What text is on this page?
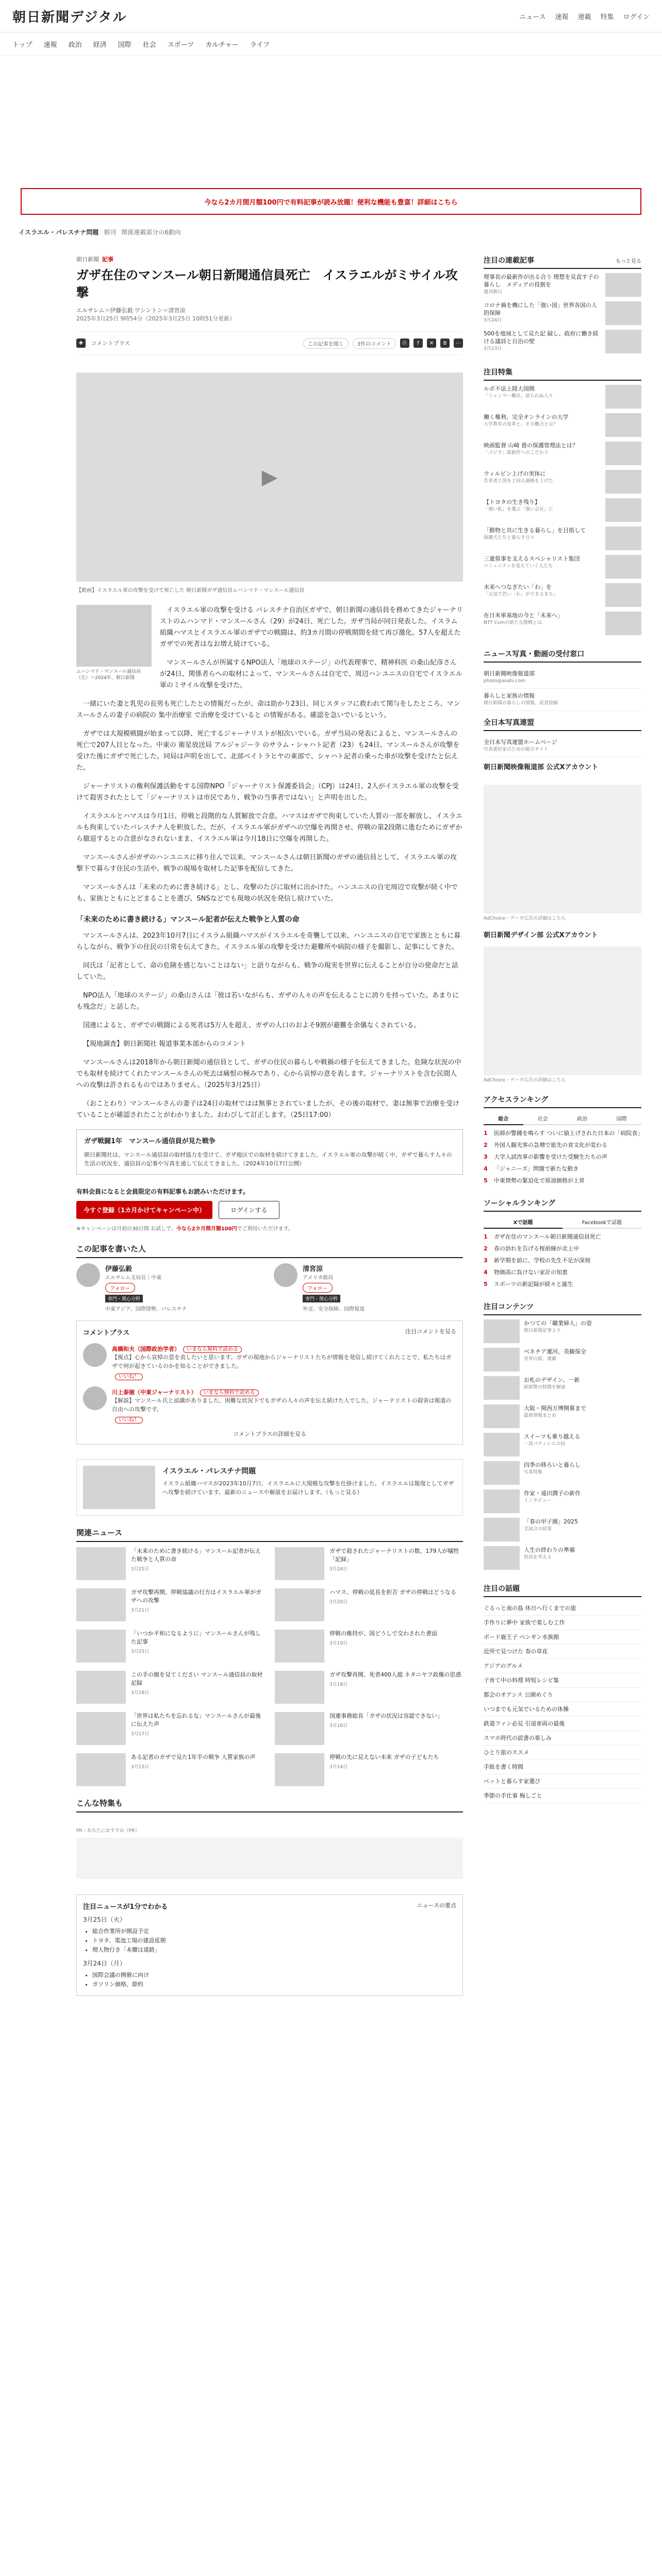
朝日新聞デジタル	ニュース 速報 連載 特集 ログイン
トップ 速報 政治 経済 国際 社会 スポーツ カルチャー ライフ
今なら2カ月間月額100円で有料記事が読み放題！便利な機能も豊富！詳細はこちら
イスラエル・パレスチナ問題 朝刊 関係連載部分の6動向
朝日新聞 記事
ガザ在住のマンスール朝日新聞通信員死亡　イスラエルがミサイル攻撃
エルサレム＝伊藤弘毅 ワシントン＝清宮涼
2025年3月25日 9時54分（2025年3月25日 10時51分更新）
✚	コメントプラス	この記事を聞く	3件のコメント	⎘	f	✕	B	⋯
▶
【動画】イスラエル軍の攻撃を受けて死亡した 朝日新聞ガザ通信員ムハンマド・マンスール通信員
ムハンマド・マンスール通信員（左）＝2024年、朝日新聞

イスラエル軍の攻撃を受ける パレスチナ自治区ガザで、朝日新聞の通信員を務めてきたジャーナリストのムハンマド・マンスールさん（29）が24日、死亡した。ガザ当局が同日発表した。イスラム組織ハマスとイスラエル軍のガザでの戦闘は、約3カ月間の停戦期間を経て再び激化。57人を超えたガザでの死者はなお増え続けている。

マンスールさんが所属するNPO法人「地球のステージ」の代表理事で、精神科医 の桑山紀彦さんが24日、関係者らへの取材によって、マンスールさんは自宅で、周辺ハンユニスの自宅でイスラエル軍のミサイル攻撃を受けた。

一緒にいた妻と乳児の長男も死亡したとの情報だったが、命は助かり23日、同じスタッフに救われて関与をしたところ、マンスールさんの妻子の病院の 集中治療室 で治療を受けていると の情報がある。確認を急いでいるという。

ガザでは大規模戦闘が始まって以降、死亡するジャーナリストが相次いでいる。ガザ当局の発表によると、マンスールさんの死亡で207人目となった。中東の 衛星放送局 アルジャジーラ のサラム・シャハト記者（23）も24日、マンスールさんが攻撃を受けた後にガザで死亡した。同局は声明を出して、北部ベイトラヒヤの東部で、シャハト記者の乗った車が攻撃を受けたと伝えた。

ジャーナリストの権利保護活動をする国際NPO「ジャーナリスト保護委員会」（CPJ）は24日、2人がイスラエル軍の攻撃を受けて殺害されたとして「ジャーナリストは市民であり、戦争の当事者ではない」と声明を出した。

イスラエルとハマスは今月1日、停戦と段階的な人質解放で合意。ハマスはガザで拘束していた人質の一部を解放し、イスラエルも拘束していたパレスチナ人を釈放した。だが、イスラエル軍がガザへの空爆を再開させ、停戦の第2段階に進むためにガザから撤退するとの合意がなされないまま、イスラエル軍は今月18日に空爆を再開した。

マンスールさんがガザのハンユニスに移り住んで以来、マンスールさんは朝日新聞のガザの通信員として、イスラエル軍の攻撃下で暮らす住民の生活や、戦争の現場を取材した記事を配信してきた。

マンスールさんは「未来のために書き続ける」とし、攻撃のたびに取材に出かけた。ハンユニスの自宅周辺で攻撃が続く中でも、家族とともにとどまることを選び、SNSなどでも現地の状況を発信し続けていた。

「未来のために書き続ける」マンスール記者が伝えた戦争と人質の命

マンスールさんは、2023年10月7日にイスラム組織ハマスがイスラエルを奇襲して以来、ハンユニスの自宅で家族とともに暮らしながら、戦争下の住民の日常を伝えてきた。イスラエル軍の攻撃を受けた避難所や病院の様子を撮影し、記事にしてきた。

同氏は「記者として、命の危険を感じないことはない」と語りながらも、戦争の現実を世界に伝えることが自分の使命だと話していた。

NPO法人「地球のステージ」の桑山さんは「彼は若いながらも、ガザの人々の声を伝えることに誇りを持っていた。あまりにも残念だ」と話した。

国連によると、ガザでの戦闘による死者は5万人を超え、ガザの人口のおよそ9割が避難を余儀なくされている。

【現地調査】朝日新聞社 報道事業本部からのコメント

マンスールさんは2018年から朝日新聞の通信員として、ガザの住民の暮らしや戦禍の様子を伝えてきました。危険な状況の中でも取材を続けてくれたマンスールさんの死去は痛恨の極みであり、心から哀悼の意を表します。ジャーナリストを含む民間人への攻撃は許されるものではありません。（2025年3月25日）

（おことわり）マンスールさんの妻子は24日の取材ではは無事とされていましたが、その後の取材で、妻は無事で治療を受けていることが確認されたことがわかりました。おわびして訂正します。（25日17:00）

ガザ戦闘1年　マンスール通信員が見た戦争
朝日新聞社は、マンスール通信員の取材協力を受けて、ガザ地区での取材を続けてきました。イスラエル軍の攻撃が続く中、ガザで暮らす人々の生活の状況を、通信員の記事や写真を通して伝えてきました。（2024年10月7日公開）
有料会員になると会員限定の有料記事もお読みいただけます。
今すぐ登録（1カ月かけてキャンペーン中）	ログインする
※キャンペーンは月初の30日間 お試しで、今なら2カ月間月額100円でご利用いただけます。
この記事を書いた人
伊藤弘毅
エルサレム支局長｜中東
フォロー
専門・関心分野
中東アジア、国際情勢、パレスチナ
清宮涼
アメリカ総局
フォロー
専門・関心分野
外交、安全保障、国際報道
コメントプラス	注目コメントを見る
高橋和夫（国際政治学者） いまなら無料で読める
【視点】心から哀悼の意を表したいと思います。ガザの現地からジャーナリストたちが情報を発信し続けてくれたことで、私たちはガザで何が起きているのかを知ることができました。
いいね！
川上泰徳（中東ジャーナリスト） いまなら無料で読める
【解説】マンスール氏と面識がありました。困難な状況下でもガザの人々の声を伝え続けた人でした。ジャーナリストの殺害は報道の自由への攻撃です。
いいね！
コメントプラスの詳細を見る
イスラエル・パレスチナ問題
イスラム組織ハマスが2023年10月7日、イスラエルに大規模な攻撃を仕掛けました。イスラエルは報復としてガザへ攻撃を続けています。最新のニュースや解説をお届けします。（もっと見る）
関連ニュース
「未来のために書き続ける」マンスール記者が伝えた戦争と人質の命
3月25日
ガザで殺されたジャーナリストの数、179人が犠牲「記録」
3月24日
ガザ攻撃再開、停戦協議の行方はイスラエル軍がガザへの攻撃
3月21日
ハマス、停戦の延長を拒否 ガザの停戦はどうなる
3月20日
「いつか平和になるように」マンスールさんが残した記事
3月25日
停戦の維持が、国どうしで交わされた書面
3月19日
この手の親を見てください マンスール通信員の取材記録
3月18日
ガザ攻撃再開、死者400人超 ネタニヤフ政権の思惑
3月18日
「世界は私たちを忘れるな」マンスールさんが最後に伝えた声
3月17日
国連事務総長「ガザの状況は容認できない」
3月16日
ある記者のガザで見た1年半の戦争 人質家族の声
3月15日
停戦の先に見えない未来 ガザの子どもたち
3月14日
こんな特集も
PR・あなたにおすすめ（PR）
注目ニュースが1分でわかる	ニュースの要点
3月25日（火）
• 総合作業所が開設予定
• トヨタ、電池工場の建設延期
• 理人物行き「本腰は道路」
3月24日（月）
• 国際会議の開催に向け
• ガソリン価格、節約
注目の連載記事	もっと見る
理事長の最新作が出る合う 理想を見直す子の暮らし　メディアの役割を
週刊朝日
コロナ禍を機にした「強い国」世界各国の人的保障
3月24日
500を地域として見た記 録し、政府に働き続ける議員と自治の壁
3月23日
注目特集
ルポ不法上陸大国側
「ミャンマー難民」語られぬ人々
働く権利、完全オンラインの大学
大学教育の変革と、その難点とは？
映画監督 山崎 貴の保護管理法とは？
「ゴジラ」最新作へのこだわり
ウィルビン上げの実体に
若者者と国を上回る価格を上げた
【トヨタの生き残り】
「強い私」を選ぶ「強い会社」に
「動物と共に生きる暮らし」を目指して
保護犬たちと暮らす日々
三重県事を支えるスペシャリスト集団
コミュニティを変えていく人たち
未来へつなぎたい「わ」を
「元気で若い「わ」ができるまち」
在日米軍基地の今と「未来へ」
NTT Comの新たな挑戦とは
ニュース写真・動画の受付窓口
朝日新聞映像報道部
photo@asahi.com
暮らしと家族の情報
朝日新聞の暮らしの情報、読者投稿
全日本写真連盟
全日本写真連盟ホームページ
写真愛好家のための総合サイト
朝日新聞映像報道部 公式Xアカウント
AdChoice・データ広告の詳細はこちら
朝日新聞デザイン部 公式Xアカウント
AdChoice・データ広告の詳細はこちら
アクセスランキング
総合	社会	政治	国際
1	医師が警鐘を鳴らす ついに値上げされた日本の「病院食」
2	外国人観光客の急増で旅先の食文化が変わる
3	大学入試改革の影響を受けた受験生たちの声
4	「ジャニーズ」問題で新たな動き
5	中東情勢の緊迫化で原油価格が上昇
ソーシャルランキング
Xで話題	Facebookで話題
1	ガザ在住のマンスール朝日新聞通信員死亡
2	春の訪れを告げる桜前線が北上中
3	新学期を前に、学校の先生不足が深刻
4	物価高に負けない家計の知恵
5	スポーツの新記録が続々と誕生
注目コンテンツ
かつての「職業婦人」の姿
朝日新聞記事より
ベネチア運河、美観保全
世界の旅、連載
お札のデザイン、一新
新紙幣の特徴を解説
大阪・関西万博開幕まで
最新情報まとめ
スイーツも乗り越える
一流パティシエの技
四季の移ろいと暮らし
写真特集
作家・遠田潤子の新作
インタビュー
「春の甲子園」2025
全試合の結果
人生の終わりの準備
終活を考える
注目の話題
ぐるっと南の島 休日へ行くまでの旅
手作りに夢中 家族で楽しむ工作
ボード鹿王子 ペンギン水族館
近所で見つけた 春の草花
アジアのグルメ
子育て中の料理 時短レシピ集
都会のオアシス 公園めぐり
いつまでも元気でいるための体操
鉄道ファン必見 引退車両の最後
スマホ時代の読書の楽しみ
ひとり旅のススメ
手紙を書く時間
ペットと暮らす家選び
季節の手仕事 梅しごと
